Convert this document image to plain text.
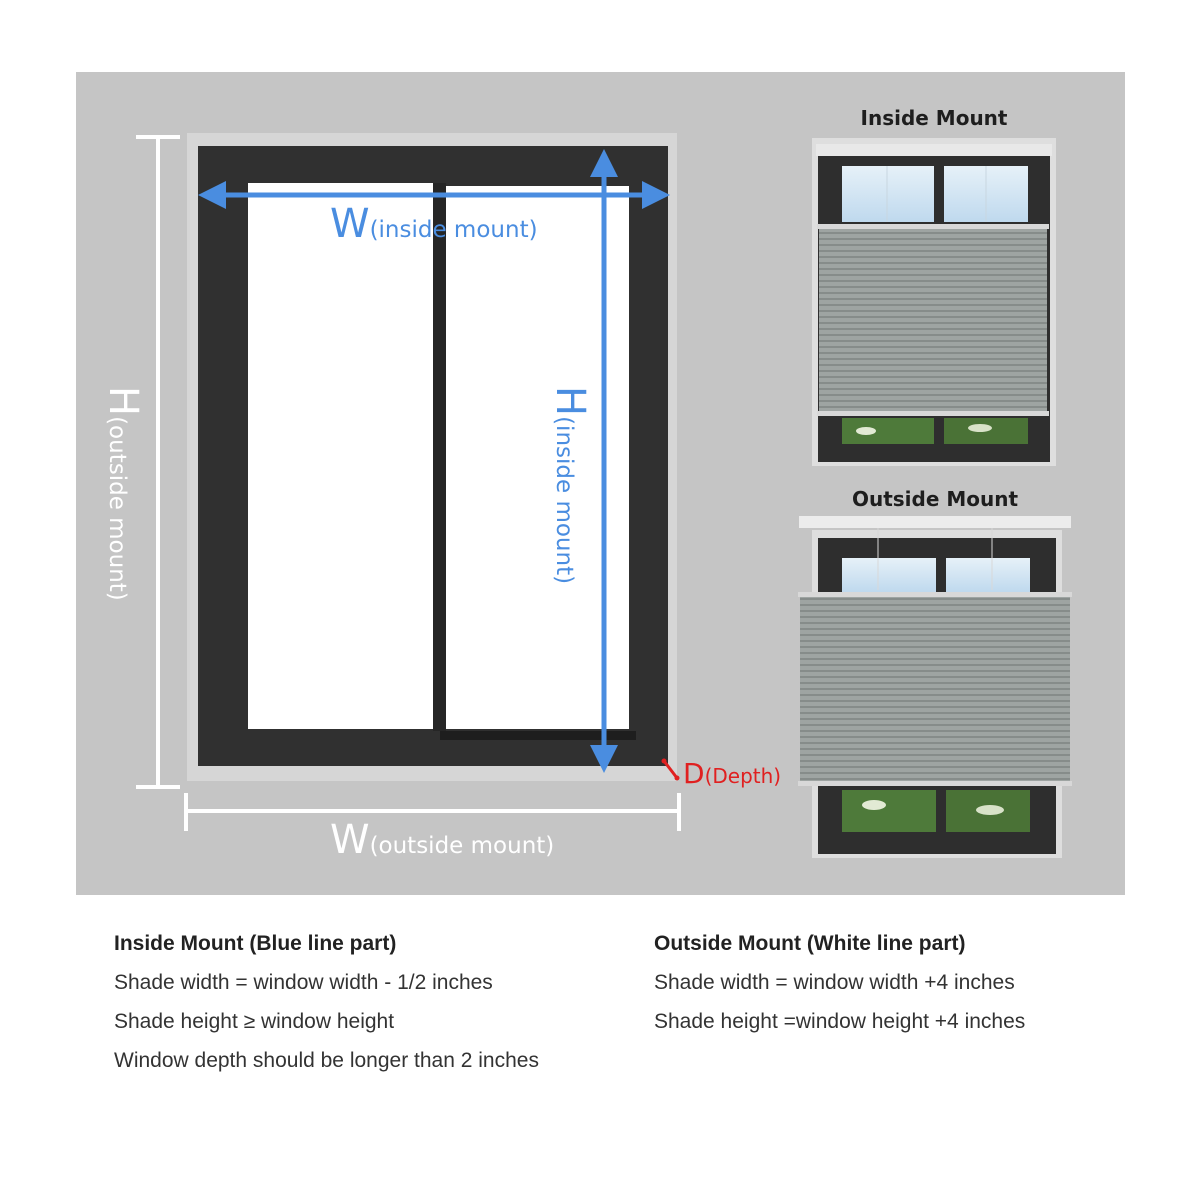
W(inside mount)
H(inside mount)
H(outside mount)
W(outside mount)
D(Depth)
Inside Mount
Outside Mount
Inside Mount (Blue line part)
Shade width = window width - 1/2 inches
Shade height ≥ window height
Window depth should be longer than 2 inches
Outside Mount (White line part)
Shade width = window width +4 inches
Shade height =window height +4 inches
